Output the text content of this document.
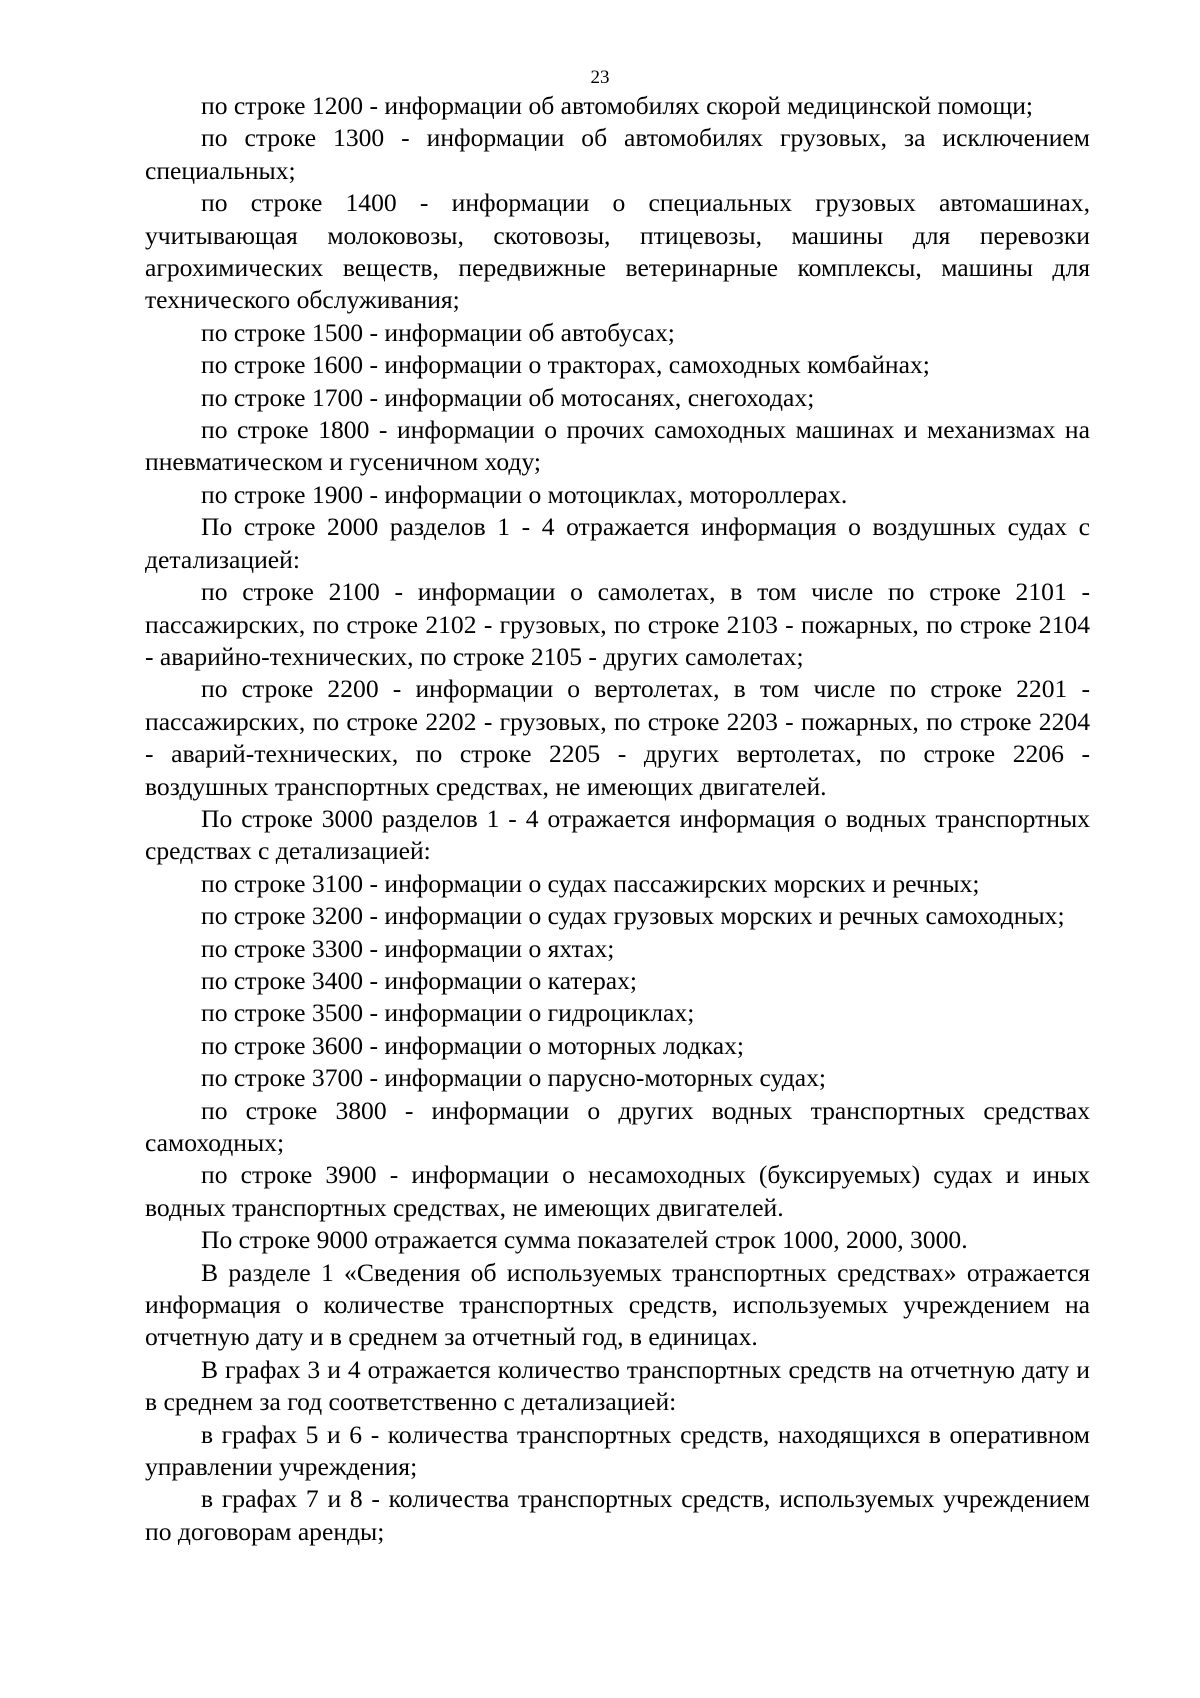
23

по строке 1200 - информации об автомобилях скорой медицинской помощи;

по строке 1300 - информации об автомобилях грузовых, за исключением специальных;

по строке 1400 - информации о специальных грузовых автомашинах, учитывающая молоковозы, скотовозы, птицевозы, машины для перевозки агрохимических веществ, передвижные ветеринарные комплексы, машины для технического обслуживания;

по строке 1500 - информации об автобусах;

по строке 1600 - информации о тракторах, самоходных комбайнах;

по строке 1700 - информации об мотосанях, снегоходах;

по строке 1800 - информации о прочих самоходных машинах и механизмах на пневматическом и гусеничном ходу;

по строке 1900 - информации о мотоциклах, мотороллерах.

По строке 2000 разделов 1 - 4 отражается информация о воздушных судах с детализацией:

по строке 2100 - информации о самолетах, в том числе по строке 2101 - пассажирских, по строке 2102 - грузовых, по строке 2103 - пожарных, по строке 2104 - аварийно-технических, по строке 2105 - других самолетах;

по строке 2200 - информации о вертолетах, в том числе по строке 2201 - пассажирских, по строке 2202 - грузовых, по строке 2203 - пожарных, по строке 2204 - аварий-технических, по строке 2205 - других вертолетах, по строке 2206 - воздушных транспортных средствах, не имеющих двигателей.

По строке 3000 разделов 1 - 4 отражается информация о водных транспортных средствах с детализацией:

по строке 3100 - информации о судах пассажирских морских и речных;

по строке 3200 - информации о судах грузовых морских и речных самоходных;

по строке 3300 - информации о яхтах;

по строке 3400 - информации о катерах;

по строке 3500 - информации о гидроциклах;

по строке 3600 - информации о моторных лодках;

по строке 3700 - информации о парусно-моторных судах;

по строке 3800 - информации о других водных транспортных средствах самоходных;

по строке 3900 - информации о несамоходных (буксируемых) судах и иных водных транспортных средствах, не имеющих двигателей.

По строке 9000 отражается сумма показателей строк 1000, 2000, 3000.

В разделе 1 «Сведения об используемых транспортных средствах» отражается информация о количестве транспортных средств, используемых учреждением на отчетную дату и в среднем за отчетный год, в единицах.

В графах 3 и 4 отражается количество транспортных средств на отчетную дату и в среднем за год соответственно с детализацией:

в графах 5 и 6 - количества транспортных средств, находящихся в оперативном управлении учреждения;

в графах 7 и 8 - количества транспортных средств, используемых учреждением по договорам аренды;
